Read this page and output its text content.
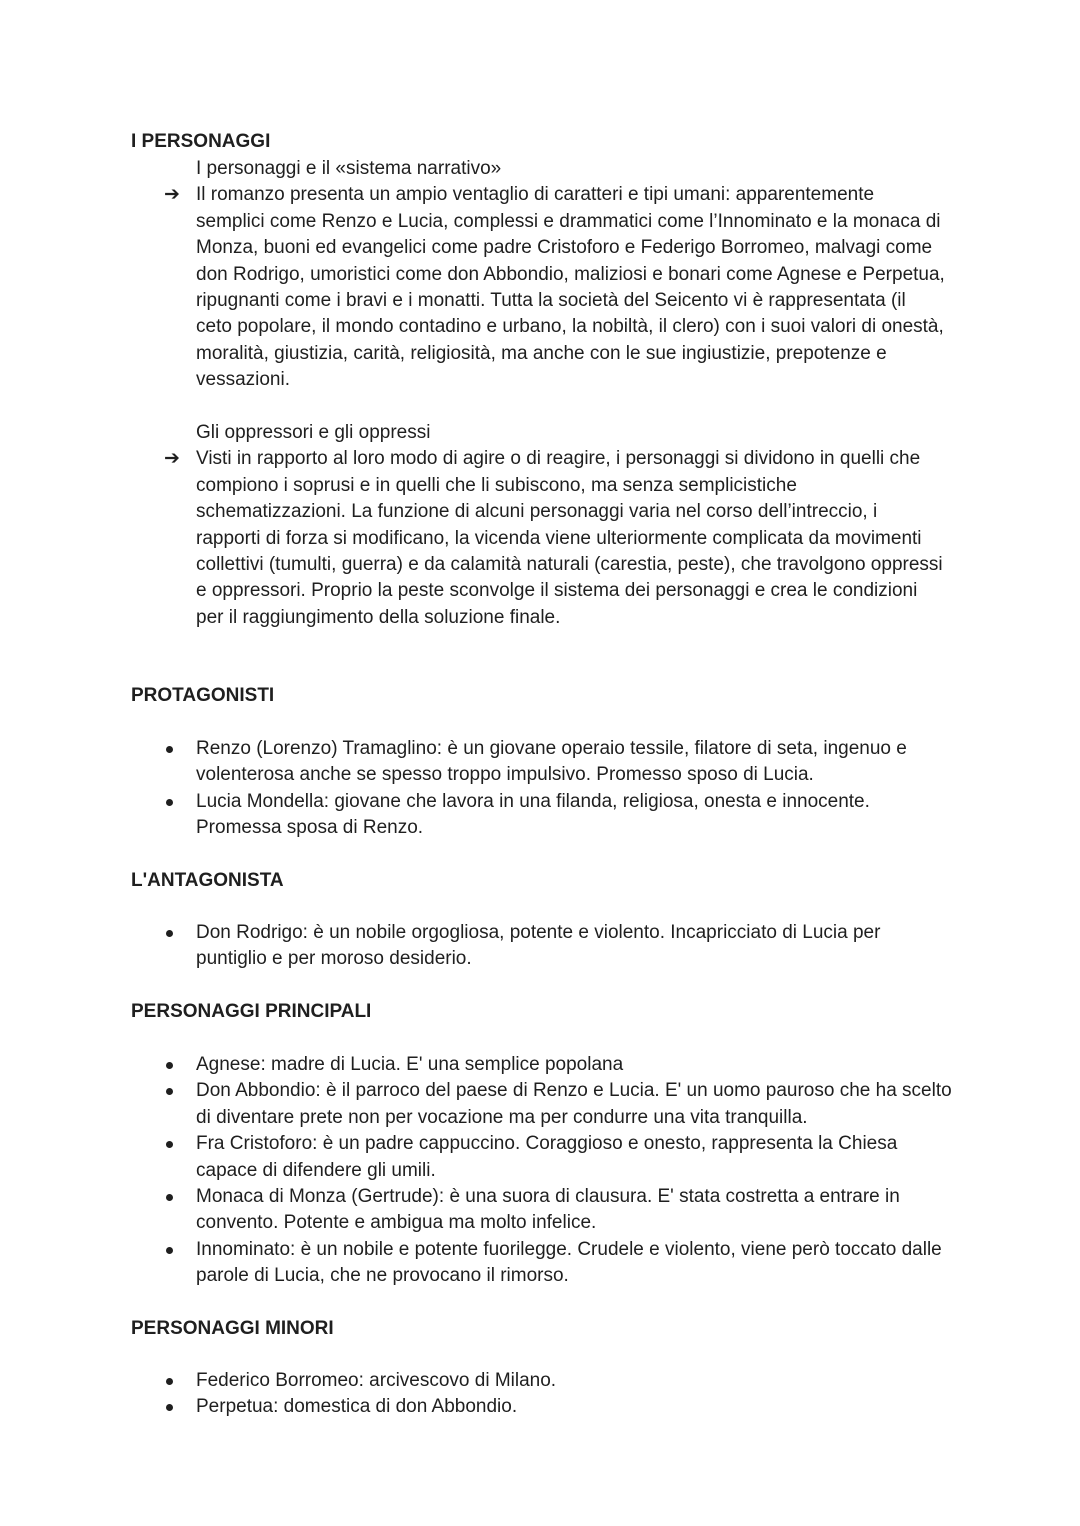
I PERSONAGGI

I personaggi e il «sistema narrativo»

➔ Il romanzo presenta un ampio ventaglio di caratteri e tipi umani: apparentemente semplici come Renzo e Lucia, complessi e drammatici come l’Innominato e la monaca di Monza, buoni ed evangelici come padre Cristoforo e Federigo Borromeo, malvagi come don Rodrigo, umoristici come don Abbondio, maliziosi e bonari come Agnese e Perpetua, ripugnanti come i bravi e i monatti. Tutta la società del Seicento vi è rappresentata (il ceto popolare, il mondo contadino e urbano, la nobiltà, il clero) con i suoi valori di onestà, moralità, giustizia, carità, religiosità, ma anche con le sue ingiustizie, prepotenze e vessazioni.

Gli oppressori e gli oppressi

➔ Visti in rapporto al loro modo di agire o di reagire, i personaggi si dividono in quelli che compiono i soprusi e in quelli che li subiscono, ma senza semplicistiche schematizzazioni. La funzione di alcuni personaggi varia nel corso dell’intreccio, i rapporti di forza si modificano, la vicenda viene ulteriormente complicata da movimenti collettivi (tumulti, guerra) e da calamità naturali (carestia, peste), che travolgono oppressi e oppressori. Proprio la peste sconvolge il sistema dei personaggi e crea le condizioni per il raggiungimento della soluzione finale.

PROTAGONISTI
Renzo (Lorenzo) Tramaglino: è un giovane operaio tessile, filatore di seta, ingenuo e volenterosa anche se spesso troppo impulsivo. Promesso sposo di Lucia.
Lucia Mondella: giovane che lavora in una filanda, religiosa, onesta e innocente. Promessa sposa di Renzo.
L'ANTAGONISTA
Don Rodrigo: è un nobile orgogliosa, potente e violento. Incapricciato di Lucia per puntiglio e per moroso desiderio.
PERSONAGGI PRINCIPALI
Agnese: madre di Lucia. E' una semplice popolana
Don Abbondio: è il parroco del paese di Renzo e Lucia. E' un uomo pauroso che ha scelto di diventare prete non per vocazione ma per condurre una vita tranquilla.
Fra Cristoforo: è un padre cappuccino. Coraggioso e onesto, rappresenta la Chiesa capace di difendere gli umili.
Monaca di Monza (Gertrude): è una suora di clausura. E' stata costretta a entrare in convento. Potente e ambigua ma molto infelice.
Innominato: è un nobile e potente fuorilegge. Crudele e violento, viene però toccato dalle parole di Lucia, che ne provocano il rimorso.
PERSONAGGI MINORI
Federico Borromeo: arcivescovo di Milano.
Perpetua: domestica di don Abbondio.
